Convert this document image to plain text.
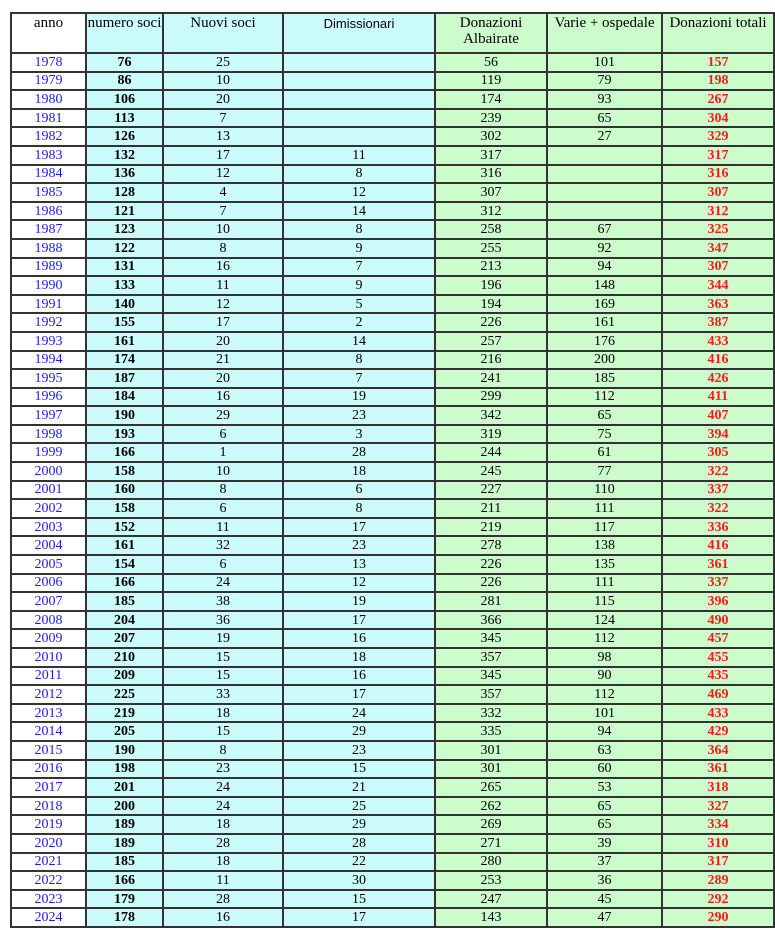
anno	numero soci	Nuovi soci	Dimissionari	Donazioni Albairate	Varie + ospedale	Donazioni totali
1978	76	25		56	101	157
1979	86	10		119	79	198
1980	106	20		174	93	267
1981	113	7		239	65	304
1982	126	13		302	27	329
1983	132	17	11	317		317
1984	136	12	8	316		316
1985	128	4	12	307		307
1986	121	7	14	312		312
1987	123	10	8	258	67	325
1988	122	8	9	255	92	347
1989	131	16	7	213	94	307
1990	133	11	9	196	148	344
1991	140	12	5	194	169	363
1992	155	17	2	226	161	387
1993	161	20	14	257	176	433
1994	174	21	8	216	200	416
1995	187	20	7	241	185	426
1996	184	16	19	299	112	411
1997	190	29	23	342	65	407
1998	193	6	3	319	75	394
1999	166	1	28	244	61	305
2000	158	10	18	245	77	322
2001	160	8	6	227	110	337
2002	158	6	8	211	111	322
2003	152	11	17	219	117	336
2004	161	32	23	278	138	416
2005	154	6	13	226	135	361
2006	166	24	12	226	111	337
2007	185	38	19	281	115	396
2008	204	36	17	366	124	490
2009	207	19	16	345	112	457
2010	210	15	18	357	98	455
2011	209	15	16	345	90	435
2012	225	33	17	357	112	469
2013	219	18	24	332	101	433
2014	205	15	29	335	94	429
2015	190	8	23	301	63	364
2016	198	23	15	301	60	361
2017	201	24	21	265	53	318
2018	200	24	25	262	65	327
2019	189	18	29	269	65	334
2020	189	28	28	271	39	310
2021	185	18	22	280	37	317
2022	166	11	30	253	36	289
2023	179	28	15	247	45	292
2024	178	16	17	143	47	290
